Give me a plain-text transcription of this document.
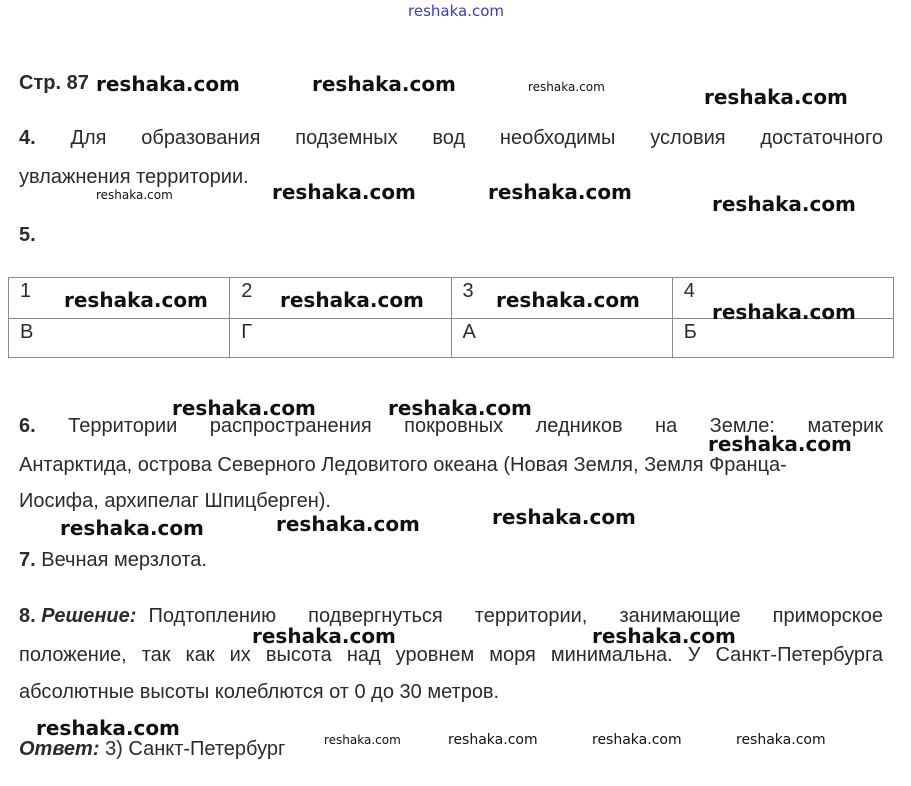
reshaka.com
Стр. 87
4. Для образования подземных вод необходимы условия достаточного
увлажнения территории.
5.
1	2	3	4
В	Г	А	Б
6. Территории распространения покровных ледников на Земле: материк
Антарктида, острова Северного Ледовитого океана (Новая Земля, Земля Франца-
Иосифа, архипелаг Шпицберген).
7. Вечная мерзлота.
8. Решение: Подтоплению подвергнуться территории, занимающие приморское
положение, так как их высота над уровнем моря минимальна. У Санкт-Петербурга
абсолютные высоты колеблются от 0 до 30 метров.
Ответ: 3) Санкт-Петербург
reshaka.com	reshaka.com	reshaka.com	reshaka.com
reshaka.com	reshaka.com	reshaka.com	reshaka.com
reshaka.com	reshaka.com	reshaka.com	reshaka.com
reshaka.com	reshaka.com
reshaka.com
reshaka.com	reshaka.com	reshaka.com
reshaka.com	reshaka.com
reshaka.com	reshaka.com	reshaka.com	reshaka.com	reshaka.com
